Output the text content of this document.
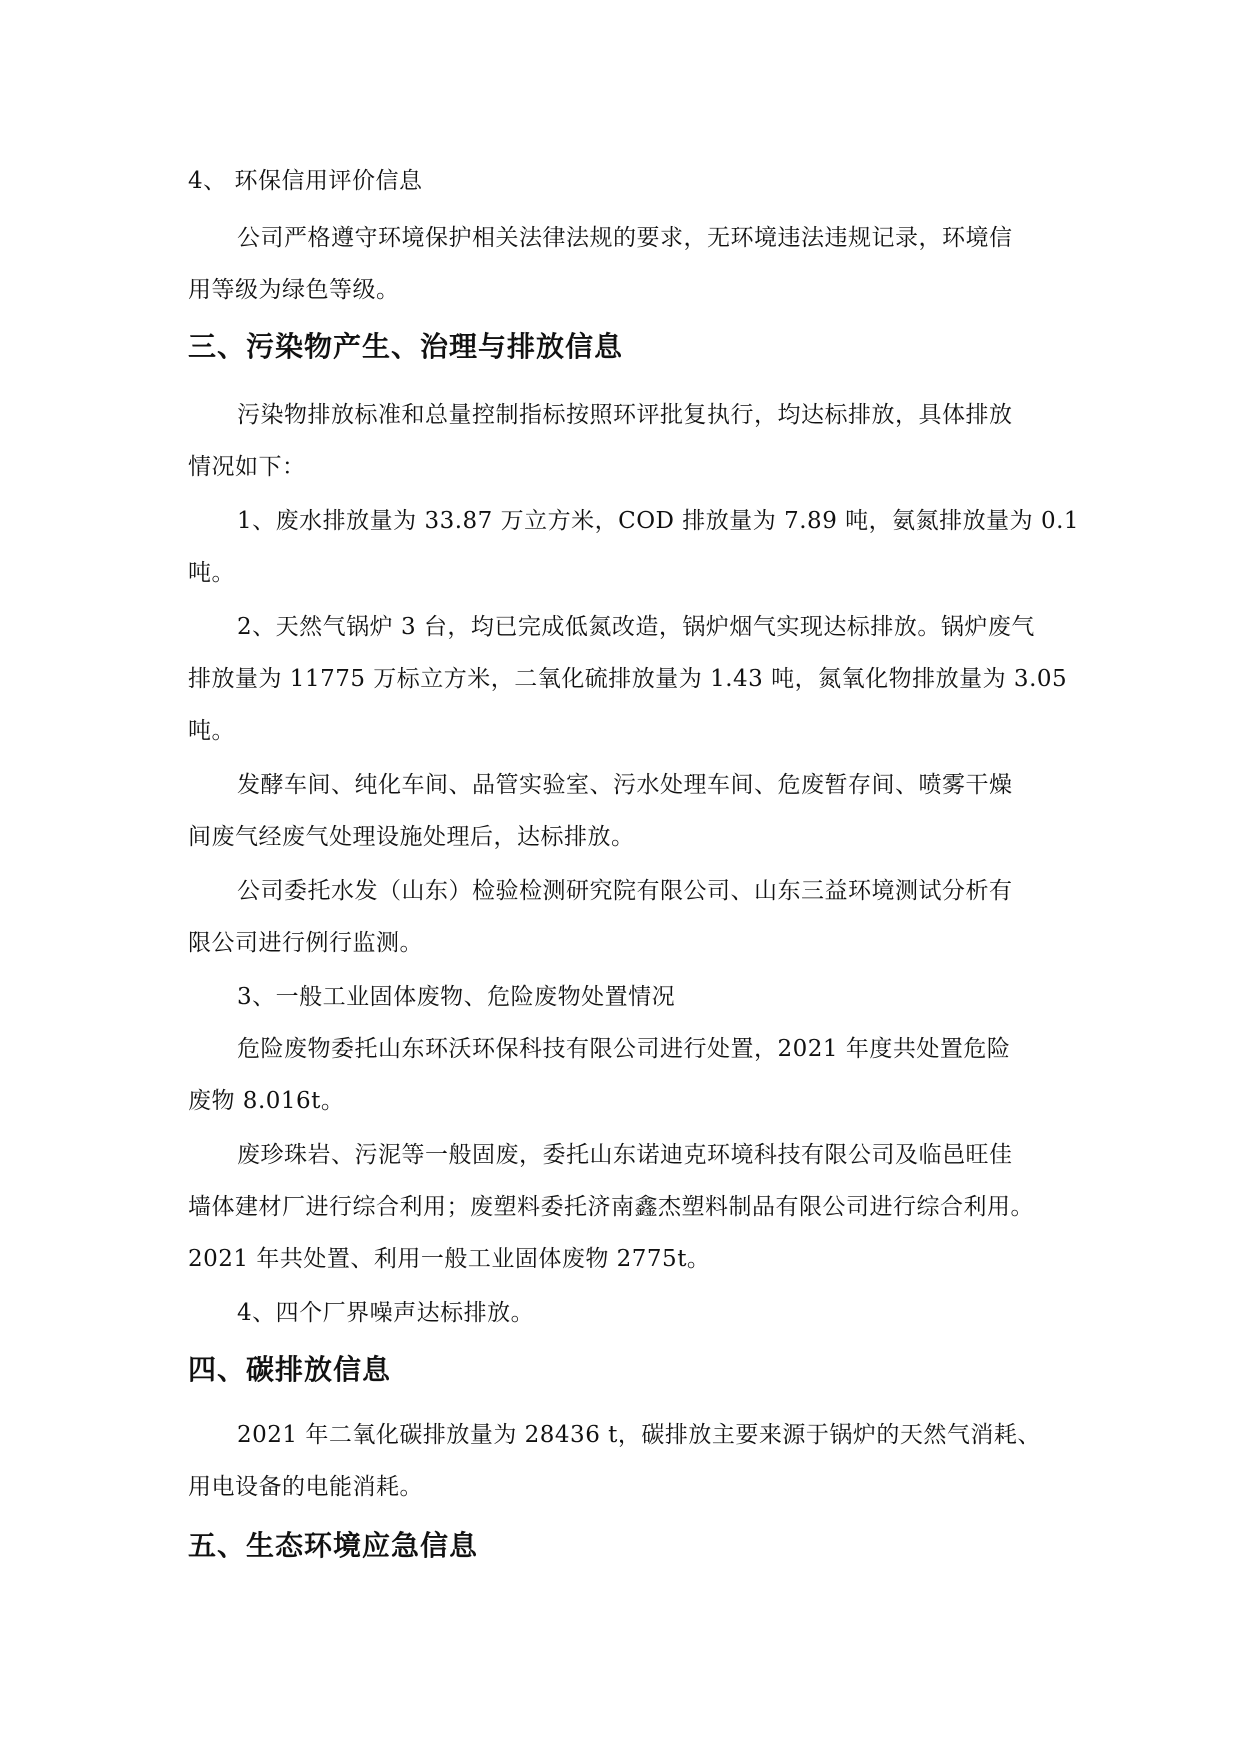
4、 环保信用评价信息
公司严格遵守环境保护相关法律法规的要求，无环境违法违规记录，环境信
用等级为绿色等级。
三、污染物产生、治理与排放信息
污染物排放标准和总量控制指标按照环评批复执行，均达标排放，具体排放
情况如下：
1、废水排放量为 33.87 万立方米，COD 排放量为 7.89 吨，氨氮排放量为 0.1
吨。
2、天然气锅炉 3 台，均已完成低氮改造，锅炉烟气实现达标排放。锅炉废气
排放量为 11775 万标立方米，二氧化硫排放量为 1.43 吨，氮氧化物排放量为 3.05
吨。
发酵车间、纯化车间、品管实验室、污水处理车间、危废暂存间、喷雾干燥
间废气经废气处理设施处理后，达标排放。
公司委托水发（山东）检验检测研究院有限公司、山东三益环境测试分析有
限公司进行例行监测。
3、一般工业固体废物、危险废物处置情况
危险废物委托山东环沃环保科技有限公司进行处置，2021 年度共处置危险
废物 8.016t。
废珍珠岩、污泥等一般固废，委托山东诺迪克环境科技有限公司及临邑旺佳
墙体建材厂进行综合利用；废塑料委托济南鑫杰塑料制品有限公司进行综合利用。
2021 年共处置、利用一般工业固体废物 2775t。
4、四个厂界噪声达标排放。
四、碳排放信息
2021 年二氧化碳排放量为 28436 t，碳排放主要来源于锅炉的天然气消耗、
用电设备的电能消耗。
五、生态环境应急信息
